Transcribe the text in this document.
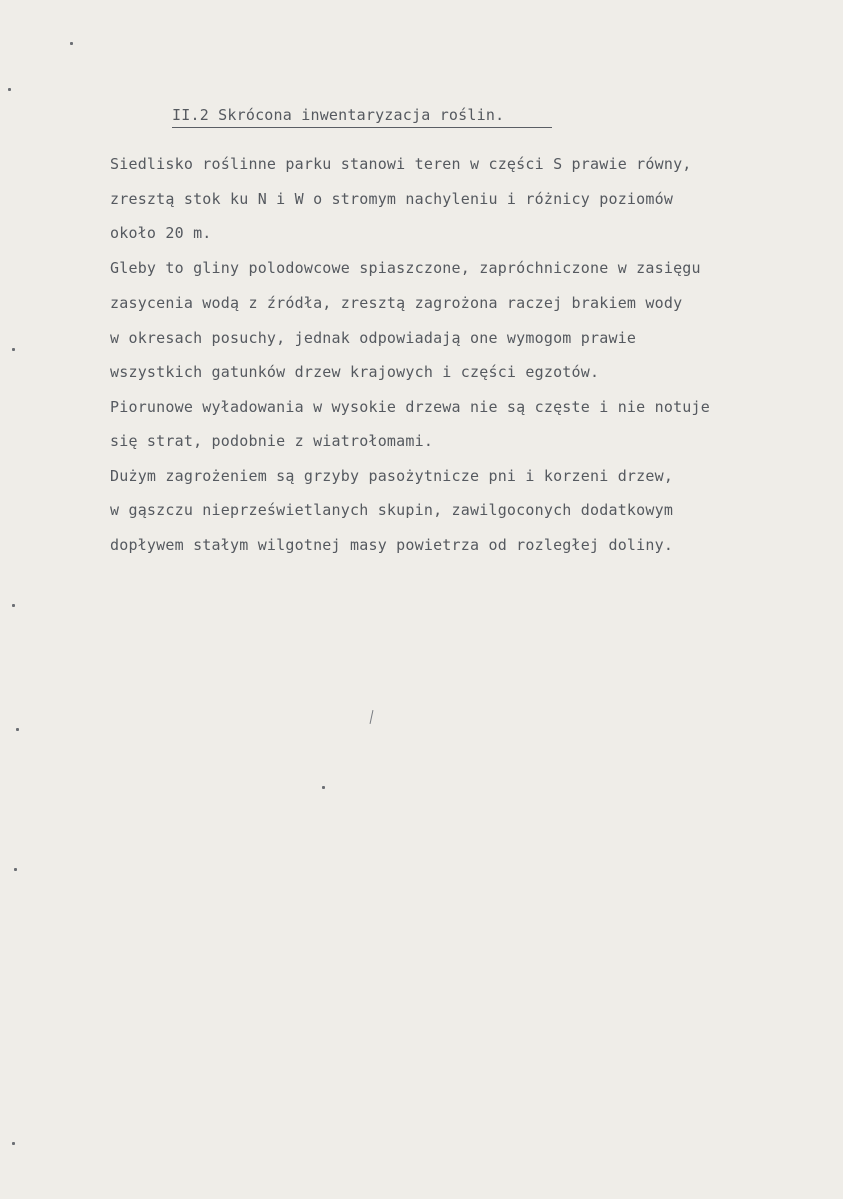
II.2 Skrócona inwentaryzacja roślin.
Siedlisko roślinne parku stanowi teren w części S prawie równy,
zresztą stok ku N i W o stromym nachyleniu i różnicy poziomów
około 20 m.
Gleby to gliny polodowcowe spiaszczone, zapróchniczone w zasięgu
zasycenia wodą z źródła, zresztą zagrożona raczej brakiem wody
w okresach posuchy, jednak odpowiadają one wymogom prawie
wszystkich gatunków drzew krajowych i części egzotów.
Piorunowe wyładowania w wysokie drzewa nie są częste i nie notuje
się strat, podobnie z wiatrołomami.
Dużym zagrożeniem są grzyby pasożytnicze pni i korzeni drzew,
w gąszczu nieprześwietlanych skupin, zawilgoconych dodatkowym
dopływem stałym wilgotnej masy powietrza od rozległej doliny.
